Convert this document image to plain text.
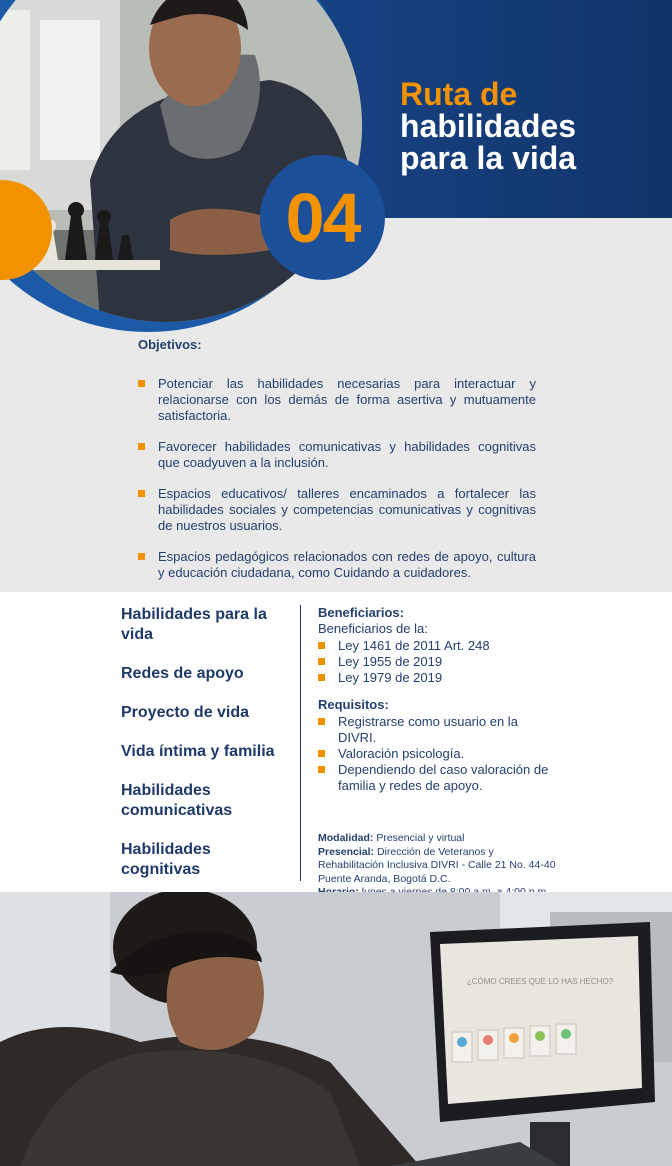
04
Ruta de
habilidades
para la vida
Objetivos:
Potenciar las habilidades necesarias para interactuar y relacionarse con los demás de forma asertiva y mutuamente satisfactoria.
Favorecer habilidades comunicativas y habilidades cognitivas que coadyuven a la inclusión.
Espacios educativos/ talleres encaminados a fortalecer las habilidades sociales y competencias comunicativas y cognitivas de nuestros usuarios.
Espacios pedagógicos relacionados con redes de apoyo, cultura y educación ciudadana, como Cuidando a cuidadores.
Habilidades para la vida
Redes de apoyo
Proyecto de vida
Vida íntima y familia
Habilidades comunicativas
Habilidades cognitivas
Beneficiarios:
Beneficiarios de la:
Ley 1461 de 2011 Art. 248
Ley 1955 de 2019
Ley 1979 de 2019
Requisitos:
Registrarse como usuario en la DIVRI.
Valoración psicología.
Dependiendo del caso valoración de familia y redes de apoyo.
Modalidad: Presencial y virtual
Presencial: Dirección de Veteranos y Rehabilitación Inclusiva DIVRI - Calle 21 No. 44-40 Puente Aranda, Bogotá D.C.
¿CÓMO CREES QUE LO HAS HECHO?
